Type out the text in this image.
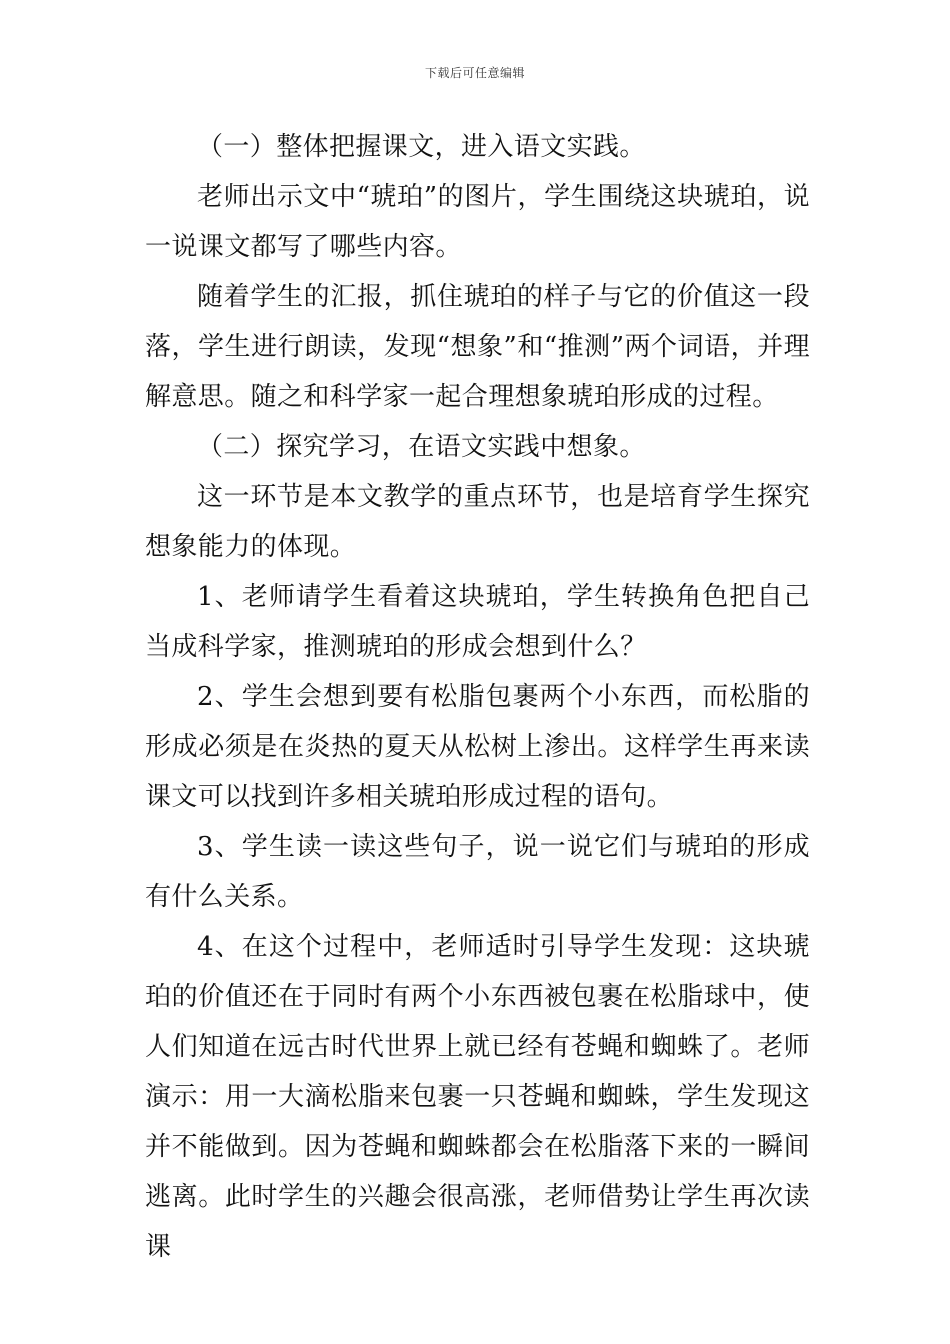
下载后可任意编辑

（一）整体把握课文，进入语文实践。

老师出示文中“琥珀”的图片，学生围绕这块琥珀，说一说课文都写了哪些内容。

随着学生的汇报，抓住琥珀的样子与它的价值这一段落，学生进行朗读，发现“想象”和“推测”两个词语，并理解意思。随之和科学家一起合理想象琥珀形成的过程。

（二）探究学习，在语文实践中想象。

这一环节是本文教学的重点环节，也是培育学生探究想象能力的体现。

1、老师请学生看着这块琥珀，学生转换角色把自己当成科学家，推测琥珀的形成会想到什么？

2、学生会想到要有松脂包裹两个小东西，而松脂的形成必须是在炎热的夏天从松树上渗出。这样学生再来读课文可以找到许多相关琥珀形成过程的语句。

3、学生读一读这些句子，说一说它们与琥珀的形成有什么关系。

4、在这个过程中，老师适时引导学生发现：这块琥珀的价值还在于同时有两个小东西被包裹在松脂球中，使人们知道在远古时代世界上就已经有苍蝇和蜘蛛了。老师演示：用一大滴松脂来包裹一只苍蝇和蜘蛛，学生发现这并不能做到。因为苍蝇和蜘蛛都会在松脂落下来的一瞬间逃离。此时学生的兴趣会很高涨，老师借势让学生再次读课
